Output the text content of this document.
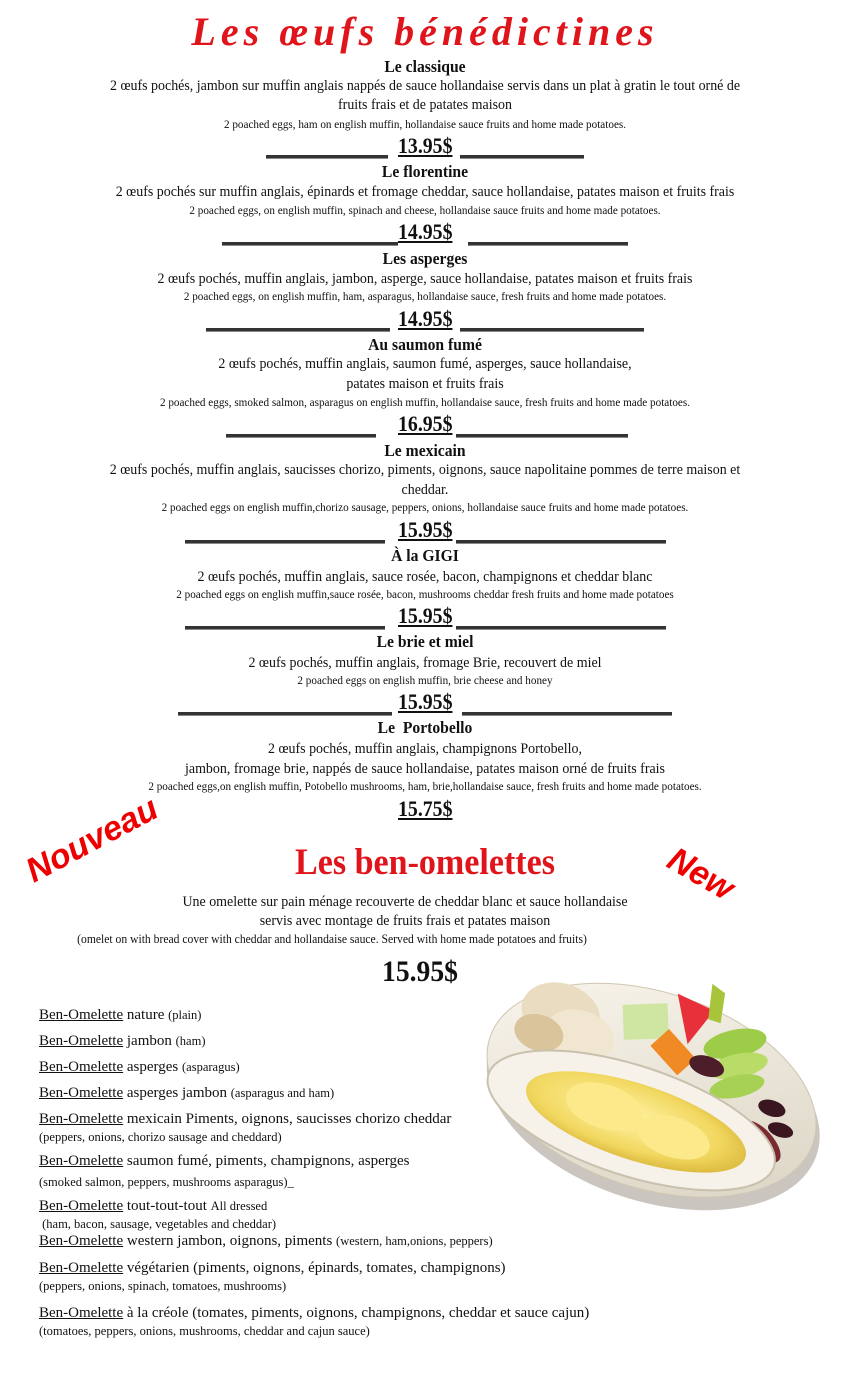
Les œufs bénédictines
Le classique
2 œufs pochés, jambon sur muffin anglais nappés de sauce hollandaise servis dans un plat à gratin le tout orné de
fruits frais et de patates maison
2 poached eggs, ham on english muffin, hollandaise sauce fruits and home made potatoes.
13.95$
Le florentine
2 œufs pochés sur muffin anglais, épinards et fromage cheddar, sauce hollandaise, patates maison et fruits frais
2 poached eggs, on english muffin, spinach and cheese, hollandaise sauce fruits and home made potatoes.
14.95$
Les asperges
2 œufs pochés, muffin anglais, jambon, asperge, sauce hollandaise, patates maison et fruits frais
2 poached eggs, on english muffin, ham, asparagus, hollandaise sauce, fresh fruits and home made potatoes.
14.95$
Au saumon fumé
2 œufs pochés, muffin anglais, saumon fumé, asperges, sauce hollandaise,
patates maison et fruits frais
2 poached eggs, smoked salmon, asparagus on english muffin, hollandaise sauce, fresh fruits and home made potatoes.
16.95$
Le mexicain
2 œufs pochés, muffin anglais, saucisses chorizo, piments, oignons, sauce napolitaine pommes de terre maison et
cheddar.
2 poached eggs on english muffin,chorizo sausage, peppers, onions, hollandaise sauce fruits and home made potatoes.
15.95$
À la GIGI
2 œufs pochés, muffin anglais, sauce rosée, bacon, champignons et cheddar blanc
2 poached eggs on english muffin,sauce rosée, bacon, mushrooms cheddar fresh fruits and home made potatoes
15.95$
Le brie et miel
2 œufs pochés, muffin anglais, fromage Brie, recouvert de miel
2 poached eggs on english muffin, brie cheese and honey
15.95$
Le  Portobello
2 œufs pochés, muffin anglais, champignons Portobello,
jambon, fromage brie, nappés de sauce hollandaise, patates maison orné de fruits frais
2 poached eggs,on english muffin, Potobello mushrooms, ham, brie,hollandaise sauce, fresh fruits and home made potatoes.
15.75$
Nouveau	Les ben-omelettes	New
Une omelette sur pain ménage recouverte de cheddar blanc et sauce hollandaise
servis avec montage de fruits frais et patates maison
(omelet on with bread cover with cheddar and hollandaise sauce. Served with home made potatoes and fruits)
15.95$
Ben-Omelette nature (plain)
Ben-Omelette jambon (ham)
Ben-Omelette asperges (asparagus)
Ben-Omelette asperges jambon (asparagus and ham)
Ben-Omelette mexicain Piments, oignons, saucisses chorizo cheddar
(peppers, onions, chorizo sausage and cheddard)
Ben-Omelette saumon fumé, piments, champignons, asperges
(smoked salmon, peppers, mushrooms asparagus)_
Ben-Omelette tout-tout-tout All dressed
(ham, bacon, sausage, vegetables and cheddar)
Ben-Omelette western jambon, oignons, piments (western, ham,onions, peppers)
Ben-Omelette végétarien (piments, oignons, épinards, tomates, champignons)
(peppers, onions, spinach, tomatoes, mushrooms)
Ben-Omelette à la créole (tomates, piments, oignons, champignons, cheddar et sauce cajun)
(tomatoes, peppers, onions, mushrooms, cheddar and cajun sauce)
